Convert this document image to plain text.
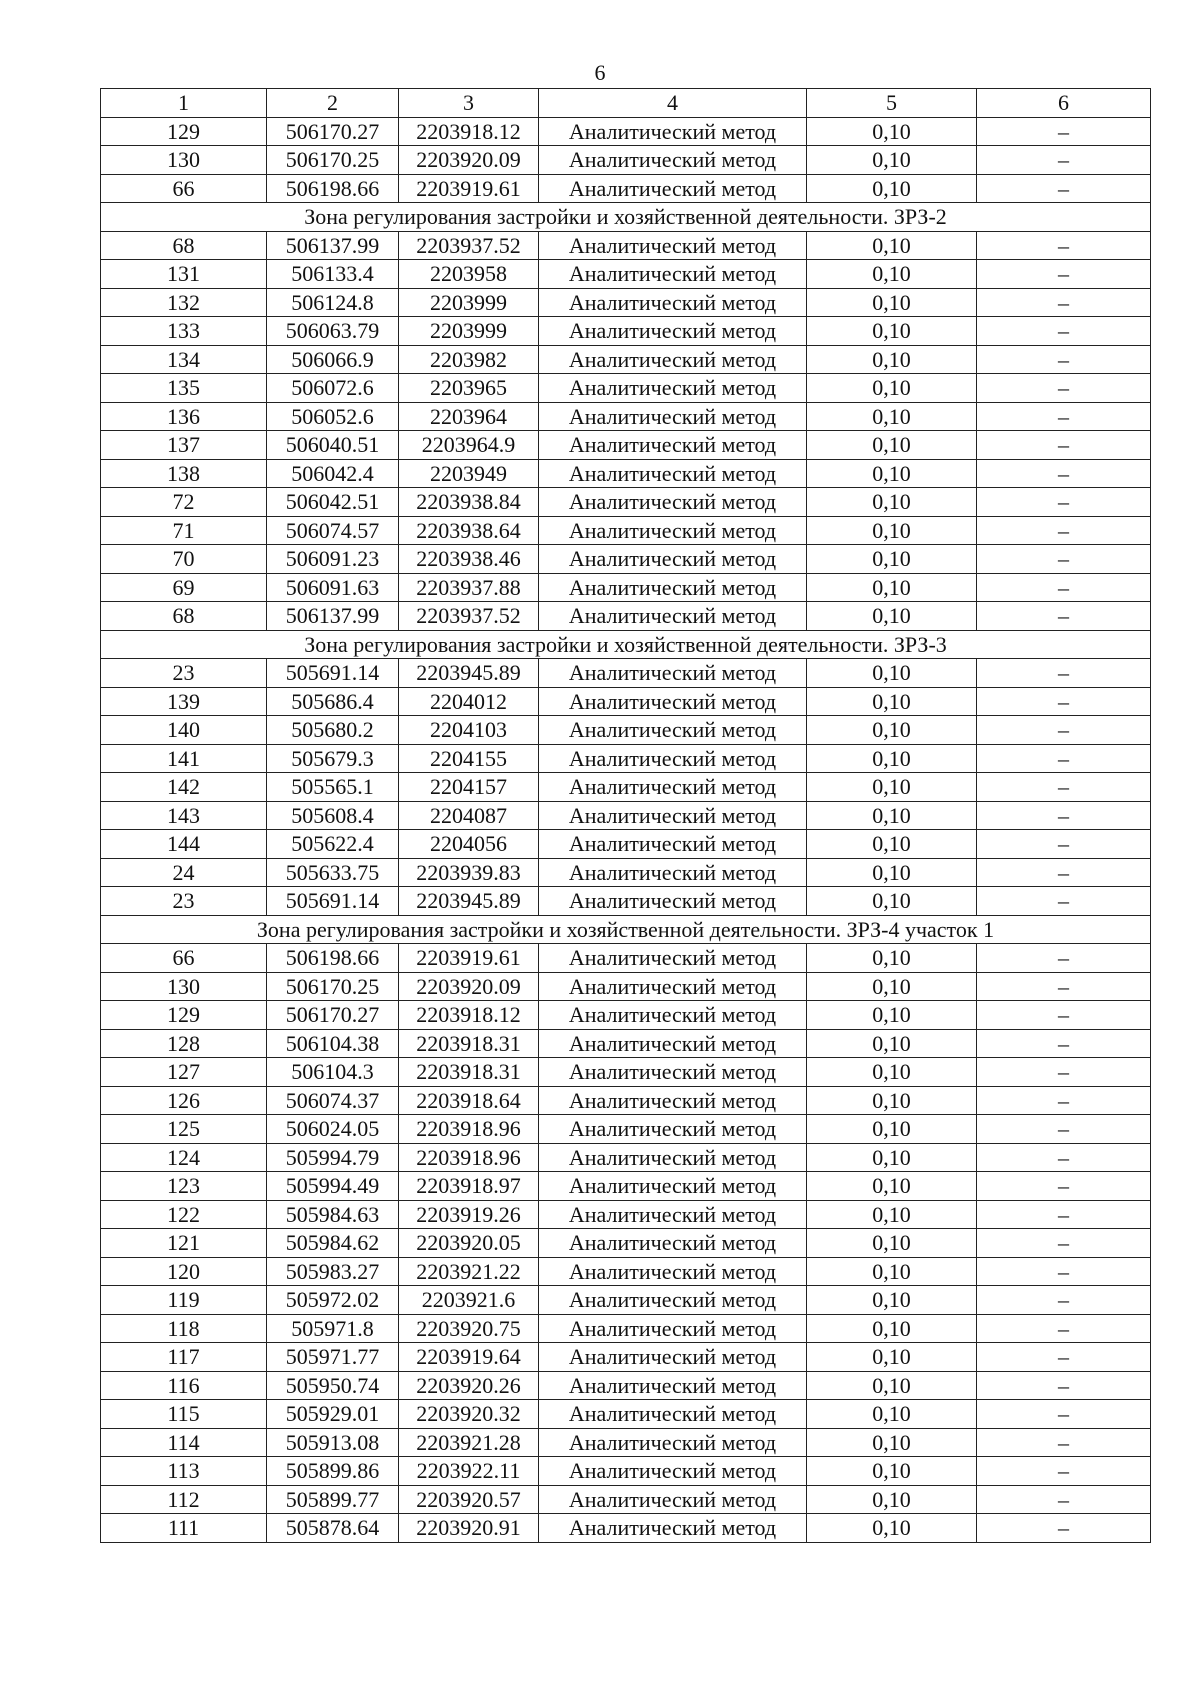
6
1	2	3	4	5	6
129	506170.27	2203918.12	Аналитический метод	0,10	–
130	506170.25	2203920.09	Аналитический метод	0,10	–
66	506198.66	2203919.61	Аналитический метод	0,10	–
Зона регулирования застройки и хозяйственной деятельности. ЗРЗ-2					
68	506137.99	2203937.52	Аналитический метод	0,10	–
131	506133.4	2203958	Аналитический метод	0,10	–
132	506124.8	2203999	Аналитический метод	0,10	–
133	506063.79	2203999	Аналитический метод	0,10	–
134	506066.9	2203982	Аналитический метод	0,10	–
135	506072.6	2203965	Аналитический метод	0,10	–
136	506052.6	2203964	Аналитический метод	0,10	–
137	506040.51	2203964.9	Аналитический метод	0,10	–
138	506042.4	2203949	Аналитический метод	0,10	–
72	506042.51	2203938.84	Аналитический метод	0,10	–
71	506074.57	2203938.64	Аналитический метод	0,10	–
70	506091.23	2203938.46	Аналитический метод	0,10	–
69	506091.63	2203937.88	Аналитический метод	0,10	–
68	506137.99	2203937.52	Аналитический метод	0,10	–
Зона регулирования застройки и хозяйственной деятельности. ЗРЗ-3					
23	505691.14	2203945.89	Аналитический метод	0,10	–
139	505686.4	2204012	Аналитический метод	0,10	–
140	505680.2	2204103	Аналитический метод	0,10	–
141	505679.3	2204155	Аналитический метод	0,10	–
142	505565.1	2204157	Аналитический метод	0,10	–
143	505608.4	2204087	Аналитический метод	0,10	–
144	505622.4	2204056	Аналитический метод	0,10	–
24	505633.75	2203939.83	Аналитический метод	0,10	–
23	505691.14	2203945.89	Аналитический метод	0,10	–
Зона регулирования застройки и хозяйственной деятельности. ЗРЗ-4 участок 1					
66	506198.66	2203919.61	Аналитический метод	0,10	–
130	506170.25	2203920.09	Аналитический метод	0,10	–
129	506170.27	2203918.12	Аналитический метод	0,10	–
128	506104.38	2203918.31	Аналитический метод	0,10	–
127	506104.3	2203918.31	Аналитический метод	0,10	–
126	506074.37	2203918.64	Аналитический метод	0,10	–
125	506024.05	2203918.96	Аналитический метод	0,10	–
124	505994.79	2203918.96	Аналитический метод	0,10	–
123	505994.49	2203918.97	Аналитический метод	0,10	–
122	505984.63	2203919.26	Аналитический метод	0,10	–
121	505984.62	2203920.05	Аналитический метод	0,10	–
120	505983.27	2203921.22	Аналитический метод	0,10	–
119	505972.02	2203921.6	Аналитический метод	0,10	–
118	505971.8	2203920.75	Аналитический метод	0,10	–
117	505971.77	2203919.64	Аналитический метод	0,10	–
116	505950.74	2203920.26	Аналитический метод	0,10	–
115	505929.01	2203920.32	Аналитический метод	0,10	–
114	505913.08	2203921.28	Аналитический метод	0,10	–
113	505899.86	2203922.11	Аналитический метод	0,10	–
112	505899.77	2203920.57	Аналитический метод	0,10	–
111	505878.64	2203920.91	Аналитический метод	0,10	–
